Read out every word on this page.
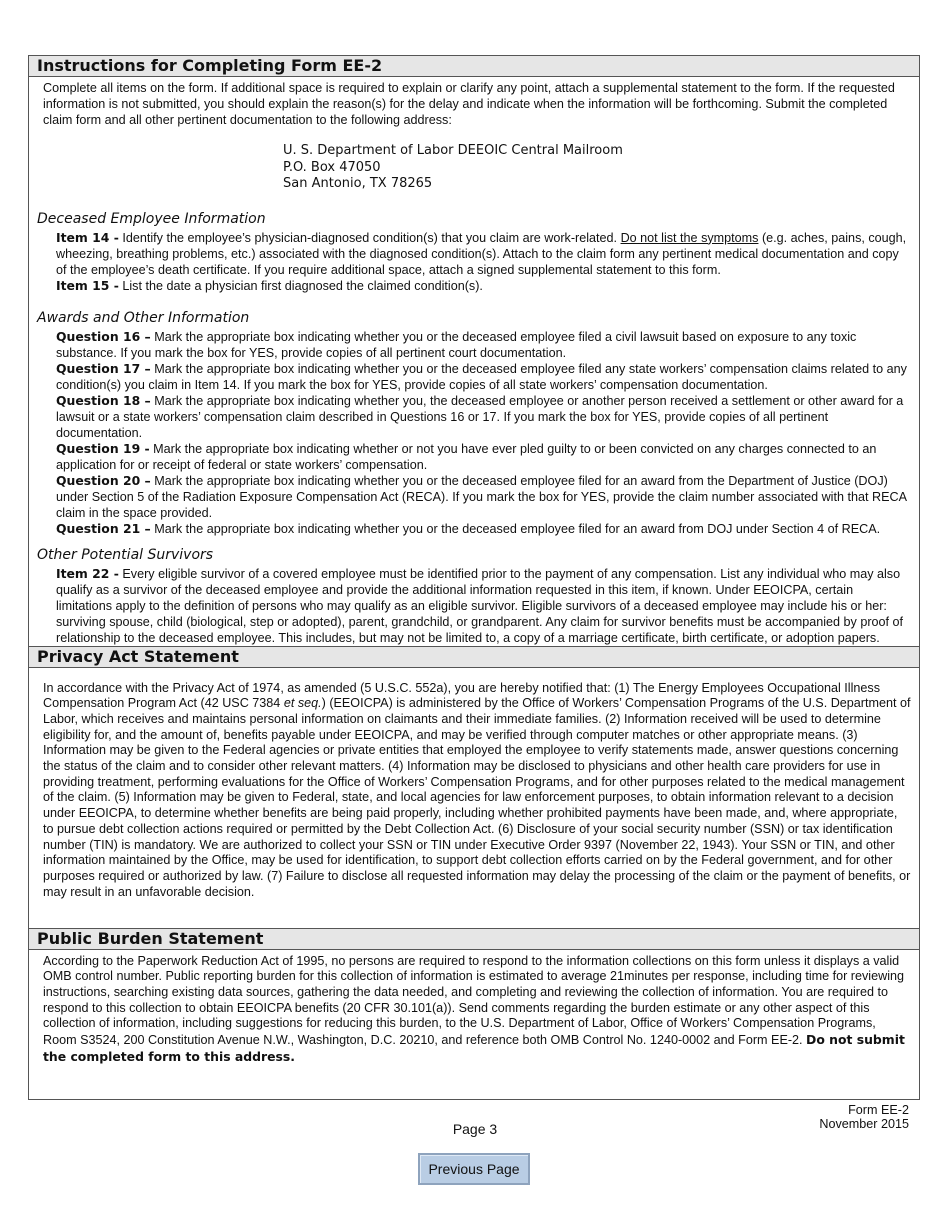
Instructions for Completing Form EE-2
Complete all items on the form. If additional space is required to explain or clarify any point, attach a supplemental statement to the form. If the requested information is not submitted, you should explain the reason(s) for the delay and indicate when the information will be forthcoming. Submit the completed claim form and all other pertinent documentation to the following address:
U. S. Department of Labor DEEOIC Central Mailroom
P.O. Box 47050
San Antonio, TX 78265
Deceased Employee Information
Item 14 - Identify the employee’s physician-diagnosed condition(s) that you claim are work-related. Do not list the symptoms (e.g. aches, pains, cough, wheezing, breathing problems, etc.) associated with the diagnosed condition(s). Attach to the claim form any pertinent medical documentation and copy of the employee’s death certificate. If you require additional space, attach a signed supplemental statement to this form.
Item 15 - List the date a physician first diagnosed the claimed condition(s).
Awards and Other Information
Question 16 – Mark the appropriate box indicating whether you or the deceased employee filed a civil lawsuit based on exposure to any toxic substance. If you mark the box for YES, provide copies of all pertinent court documentation.
Question 17 – Mark the appropriate box indicating whether you or the deceased employee filed any state workers’ compensation claims related to any condition(s) you claim in Item 14. If you mark the box for YES, provide copies of all state workers’ compensation documentation.
Question 18 – Mark the appropriate box indicating whether you, the deceased employee or another person received a settlement or other award for a lawsuit or a state workers’ compensation claim described in Questions 16 or 17. If you mark the box for YES, provide copies of all pertinent documentation.
Question 19 - Mark the appropriate box indicating whether or not you have ever pled guilty to or been convicted on any charges connected to an application for or receipt of federal or state workers’ compensation.
Question 20 – Mark the appropriate box indicating whether you or the deceased employee filed for an award from the Department of Justice (DOJ) under Section 5 of the Radiation Exposure Compensation Act (RECA). If you mark the box for YES, provide the claim number associated with that RECA claim in the space provided.
Question 21 – Mark the appropriate box indicating whether you or the deceased employee filed for an award from DOJ under Section 4 of RECA.
Other Potential Survivors
Item 22 - Every eligible survivor of a covered employee must be identified prior to the payment of any compensation. List any individual who may also qualify as a survivor of the deceased employee and provide the additional information requested in this item, if known. Under EEOICPA, certain limitations apply to the definition of persons who may qualify as an eligible survivor. Eligible survivors of a deceased employee may include his or her: surviving spouse, child (biological, step or adopted), parent, grandchild, or grandparent. Any claim for survivor benefits must be accompanied by proof of relationship to the deceased employee. This includes, but may not be limited to, a copy of a marriage certificate, birth certificate, or adoption papers.
Privacy Act Statement
In accordance with the Privacy Act of 1974, as amended (5 U.S.C. 552a), you are hereby notified that: (1) The Energy Employees Occupational Illness Compensation Program Act (42 USC 7384 et seq.) (EEOICPA) is administered by the Office of Workers’ Compensation Programs of the U.S. Department of Labor, which receives and maintains personal information on claimants and their immediate families. (2) Information received will be used to determine eligibility for, and the amount of, benefits payable under EEOICPA, and may be verified through computer matches or other appropriate means. (3) Information may be given to the Federal agencies or private entities that employed the employee to verify statements made, answer questions concerning the status of the claim and to consider other relevant matters. (4) Information may be disclosed to physicians and other health care providers for use in providing treatment, performing evaluations for the Office of Workers’ Compensation Programs, and for other purposes related to the medical management of the claim. (5) Information may be given to Federal, state, and local agencies for law enforcement purposes, to obtain information relevant to a decision under EEOICPA, to determine whether benefits are being paid properly, including whether prohibited payments have been made, and, where appropriate, to pursue debt collection actions required or permitted by the Debt Collection Act. (6) Disclosure of your social security number (SSN) or tax identification number (TIN) is mandatory. We are authorized to collect your SSN or TIN under Executive Order 9397 (November 22, 1943). Your SSN or TIN, and other information maintained by the Office, may be used for identification, to support debt collection efforts carried on by the Federal government, and for other purposes required or authorized by law. (7) Failure to disclose all requested information may delay the processing of the claim or the payment of benefits, or may result in an unfavorable decision.
Public Burden Statement
According to the Paperwork Reduction Act of 1995, no persons are required to respond to the information collections on this form unless it displays a valid OMB control number. Public reporting burden for this collection of information is estimated to average 21minutes per response, including time for reviewing instructions, searching existing data sources, gathering the data needed, and completing and reviewing the collection of information. You are required to respond to this collection to obtain EEOICPA benefits (20 CFR 30.101(a)). Send comments regarding the burden estimate or any other aspect of this collection of information, including suggestions for reducing this burden, to the U.S. Department of Labor, Office of Workers’ Compensation Programs, Room S3524, 200 Constitution Avenue N.W., Washington, D.C. 20210, and reference both OMB Control No. 1240-0002 and Form EE-2. Do not submit the completed form to this address.
Form EE-2
November 2015
Page 3
Previous Page
